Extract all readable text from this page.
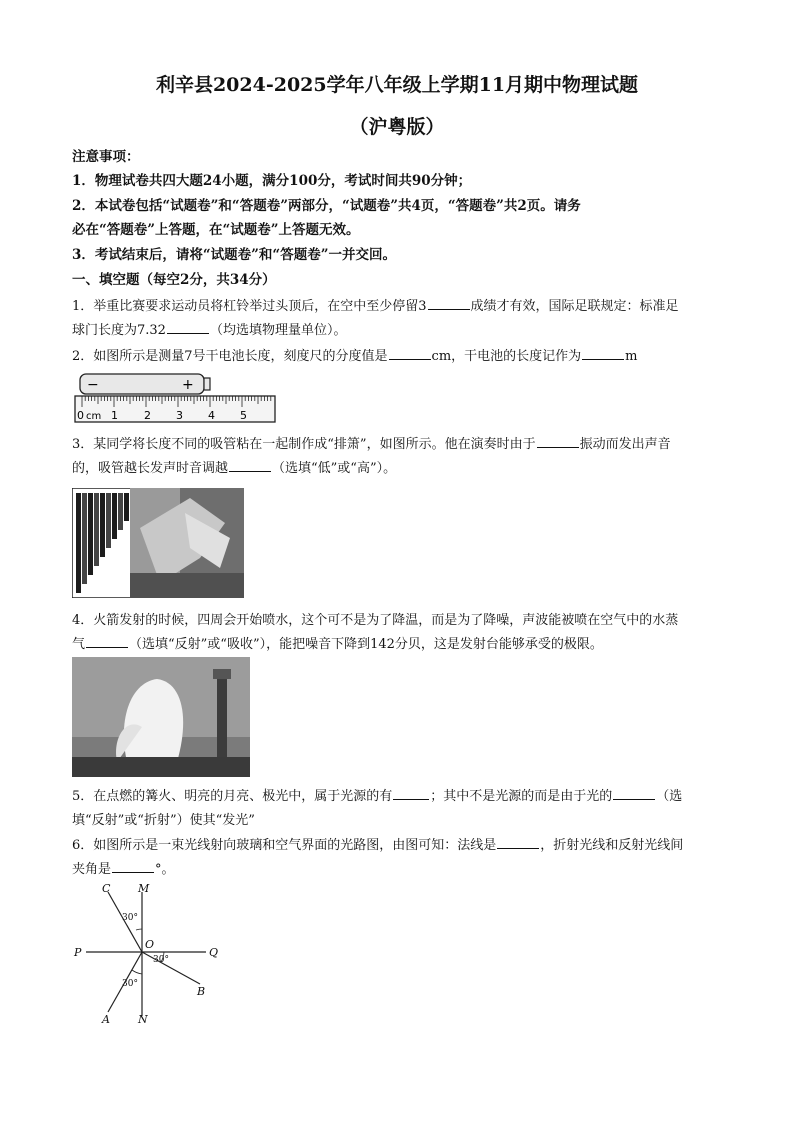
利辛县2024-2025学年八年级上学期11月期中物理试题
（沪粤版）
注意事项：
1．物理试卷共四大题24小题，满分100分，考试时间共90分钟；
2．本试卷包括“试题卷”和“答题卷”两部分，“试题卷”共4页，“答题卷”共2页。请务
必在“答题卷”上答题，在“试题卷”上答题无效。
3．考试结束后，请将“试题卷”和“答题卷”一并交回。
一、填空题（每空2分，共34分）
1．举重比赛要求运动员将杠铃举过头顶后，在空中至少停留3	成绩才有效，国际足联规定：标准足
球门长度为7.32	（均选填物理量单位）。
2．如图所示是测量7号干电池长度，刻度尺的分度值是	cm，干电池的长度记作为	m
−	+
0 cm 1 2 3 4 5
3．某同学将长度不同的吸管粘在一起制作成“排箫”，如图所示。他在演奏时由于	振动而发出声音
的，吸管越长发声时音调越	（选填“低”或“高”）。
4．火箭发射的时候，四周会开始喷水，这个可不是为了降温，而是为了降噪，声波能被喷在空气中的水蒸
气	（选填“反射”或“吸收”），能把噪音下降到142分贝，这是发射台能够承受的极限。
5．在点燃的篝火、明亮的月亮、极光中，属于光源的有	；其中不是光源的而是由于光的	（选
填“反射”或“折射”）使其“发光”
6．如图所示是一束光线射向玻璃和空气界面的光路图，由图可知：法线是	，折射光线和反射光线间
夹角是	°。
C	M
P	Q
O
A
B
N
30°
30°
30°
